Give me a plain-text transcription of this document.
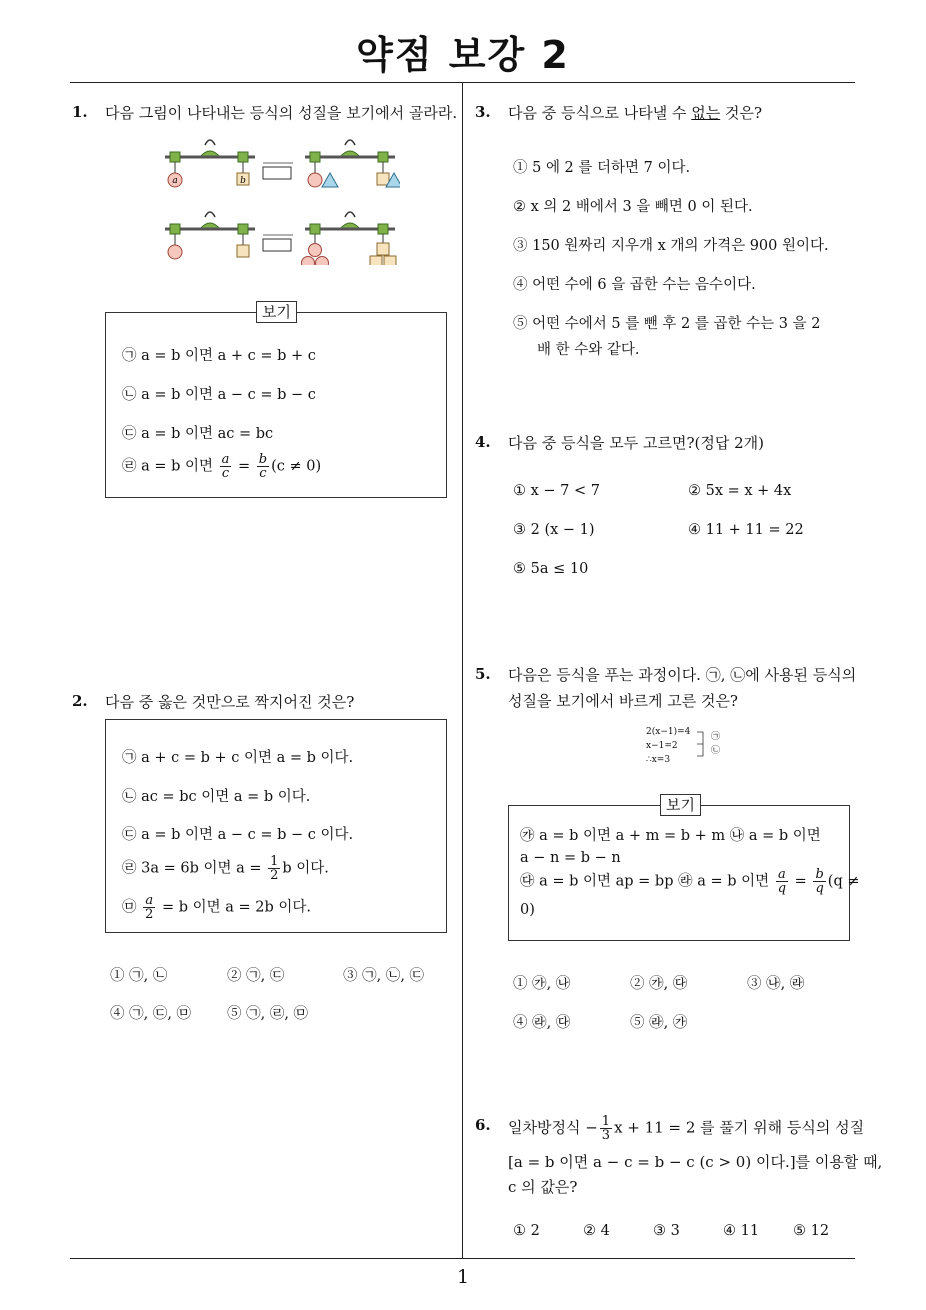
약점 보강 2
1
1. 다음 그림이 나타내는 등식의 성질을 보기에서 골라라.
a	b
보기
㉠ a = b 이면 a + c = b + c
㉡ a = b 이면 a − c = b − c
㉢ a = b 이면 ac = bc
㉣ a = b 이면 $\frac{a}{c} = \frac{b}{c} (c \ne 0)$
2. 다음 중 옳은 것만으로 짝지어진 것은?
㉠ a + c = b + c 이면 a = b 이다.
㉡ ac = bc 이면 a = b 이다.
㉢ a = b 이면 a − c = b − c 이다.
㉣ 3a = 6b 이면 $a = \frac{1}{2}$ b 이다.
㉤ $\frac{a}{2} = b$ 이면 a = 2b 이다.
① ㉠, ㉡	② ㉠, ㉢	③ ㉠, ㉡, ㉢
④ ㉠, ㉢, ㉤ ⑤ ㉠, ㉣, ㉤
3. 다음 중 등식으로 나타낼 수 없는 것은?
① 5 에 2 를 더하면 7 이다.
② x 의 2 배에서 3 을 빼면 0 이 된다.
③ 150 원짜리 지우개 x 개의 가격은 900 원이다.
④ 어떤 수에 6 을 곱한 수는 음수이다.
⑤ 어떤 수에서 5 를 뺀 후 2 를 곱한 수는 3 을 2
배 한 수와 같다.
4. 다음 중 등식을 모두 고르면?(정답 2개)
① x − 7 < 7	② 5x = x + 4x
③ 2 (x − 1)	④ 11 + 11 = 22
⑤ 5a ≤ 10
5. 다음은 등식을 푸는 과정이다. ㉠, ㉡에 사용된 등식의
성질을 보기에서 바르게 고른 것은?
2(x−1)=4
x−1=2
∴x=3
㉠
㉡
보기
㉮ a = b 이면 a + m = b + m ㉯ a = b 이면
a − n = b − n
㉰ a = b 이면 ap = bp ㉱ a = b 이면 $\frac{a}{q} = \frac{b}{q} (q$ ≠
0)
① ㉮, ㉯	② ㉮, ㉰	③ ㉯, ㉱
④ ㉱, ㉰	⑤ ㉱, ㉮
6. 일차방정식 − $\frac{1}{3}$ x + 11 = 2 를 풀기 위해 등식의 성질
[a = b 이면 a − c = b − c (c > 0) 이다.]를 이용할 때,
c 의 값은?
① 2	② 4	③ 3	④ 11 ⑤ 12
